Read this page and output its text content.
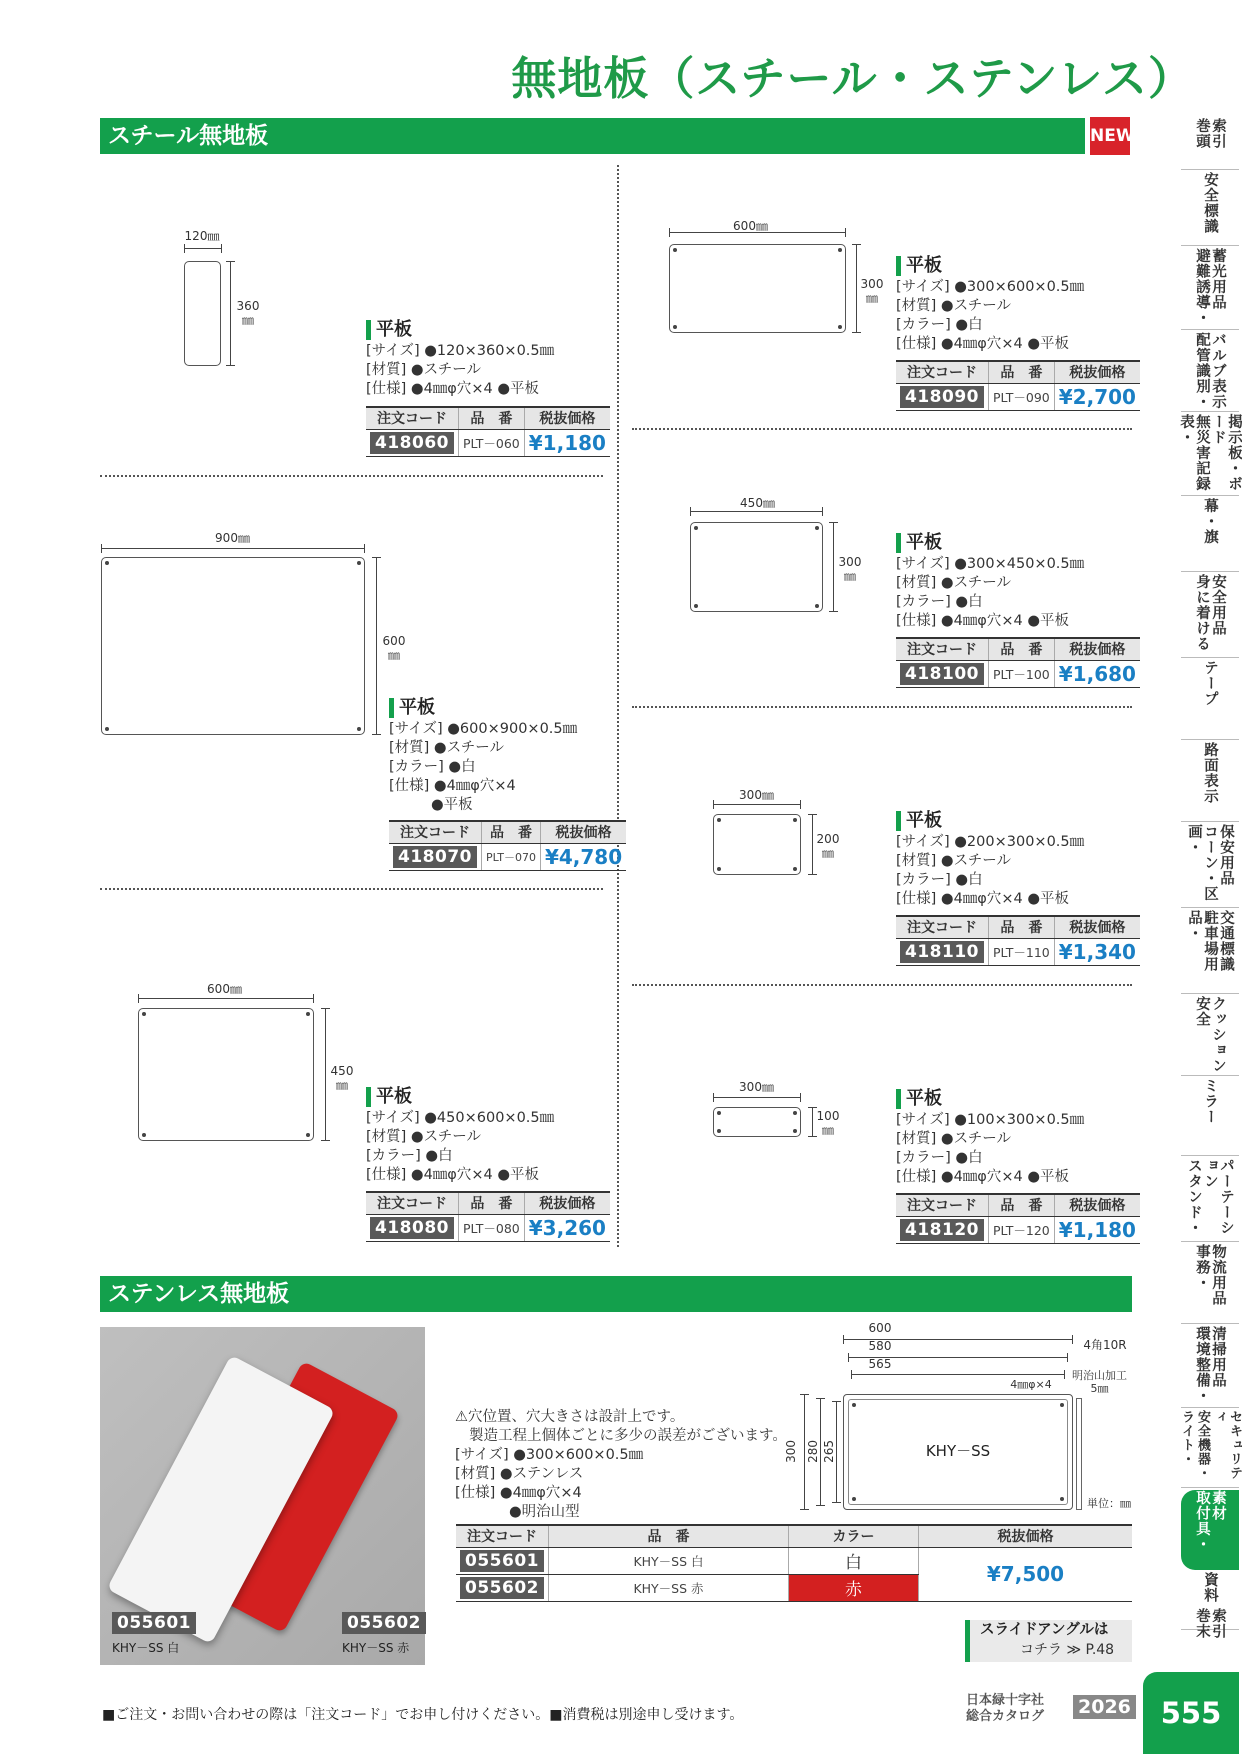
無地板（スチール・ステンレス）
スチール無地板	NEW
120㎜
360
㎜	平板
[サイズ] ●120×360×0.5㎜
[材質] ●スチール
[仕様] ●4㎜φ穴×4 ●平板
注文コード	品　番	税抜価格
418060	PLT－060	¥1,180
900㎜
600
㎜
平板
[サイズ] ●600×900×0.5㎜
[材質] ●スチール
[カラー] ●白
[仕様] ●4㎜φ穴×4
●平板
注文コード	品　番	税抜価格
418070	PLT－070	¥4,780
600㎜
450
㎜
平板
[サイズ] ●450×600×0.5㎜
[材質] ●スチール
[カラー] ●白
[仕様] ●4㎜φ穴×4 ●平板
注文コード	品　番	税抜価格
418080	PLT－080	¥3,260
600㎜
300
㎜
平板
[サイズ] ●300×600×0.5㎜
[材質] ●スチール
[カラー] ●白
[仕様] ●4㎜φ穴×4 ●平板
注文コード	品　番	税抜価格
418090	PLT－090	¥2,700
450㎜
300
㎜
平板
[サイズ] ●300×450×0.5㎜
[材質] ●スチール
[カラー] ●白
[仕様] ●4㎜φ穴×4 ●平板
注文コード	品　番	税抜価格
418100	PLT－100	¥1,680
300㎜
200
㎜
平板
[サイズ] ●200×300×0.5㎜
[材質] ●スチール
[カラー] ●白
[仕様] ●4㎜φ穴×4 ●平板
注文コード	品　番	税抜価格
418110	PLT－110	¥1,340
300㎜
100
㎜
平板
[サイズ] ●100×300×0.5㎜
[材質] ●スチール
[カラー] ●白
[仕様] ●4㎜φ穴×4 ●平板
注文コード	品　番	税抜価格
418120	PLT－120	¥1,180
ステンレス無地板
055601
KHY－SS 白
055602
KHY－SS 赤
⚠穴位置、穴大きさは設計上です。
製造工程上個体ごとに多少の誤差がございます。
[サイズ] ●300×600×0.5㎜
[材質] ●ステンレス
[仕様] ●4㎜φ穴×4
●明治山型
600
580
565
4角10R
4㎜φ×4
明治山加工
5㎜
KHY－SS
300 280 265
単位：㎜
注文コード	品　番	カラー	税抜価格
055601	KHY－SS 白	白	¥7,500
055602	KHY－SS 赤	赤	
スライドアングルは
コチラ ≫ P.48
■ご注文・お問い合わせの際は「注文コード」でお申し付けください。■消費税は別途申し受けます。
日本緑十字社
総合カタログ 2026	555
巻頭 索引
安全標識
避難誘導・ 蓄光用品
配管識別・ バルブ表示
無災害記録表・	掲示板・ボード
幕・旗
身に着ける 安全用品
テープ
路面表示
コーン・区画・	保安用品
駐車場用品・	交通標識
安全 クッション
ミラー
スタンド・	パーテーション
事務・ 物流用品
環境整備・ 清掃用品
ライト・ 安全機器・	セキュリティ
取付具・ 素材
資料
巻末 索引
